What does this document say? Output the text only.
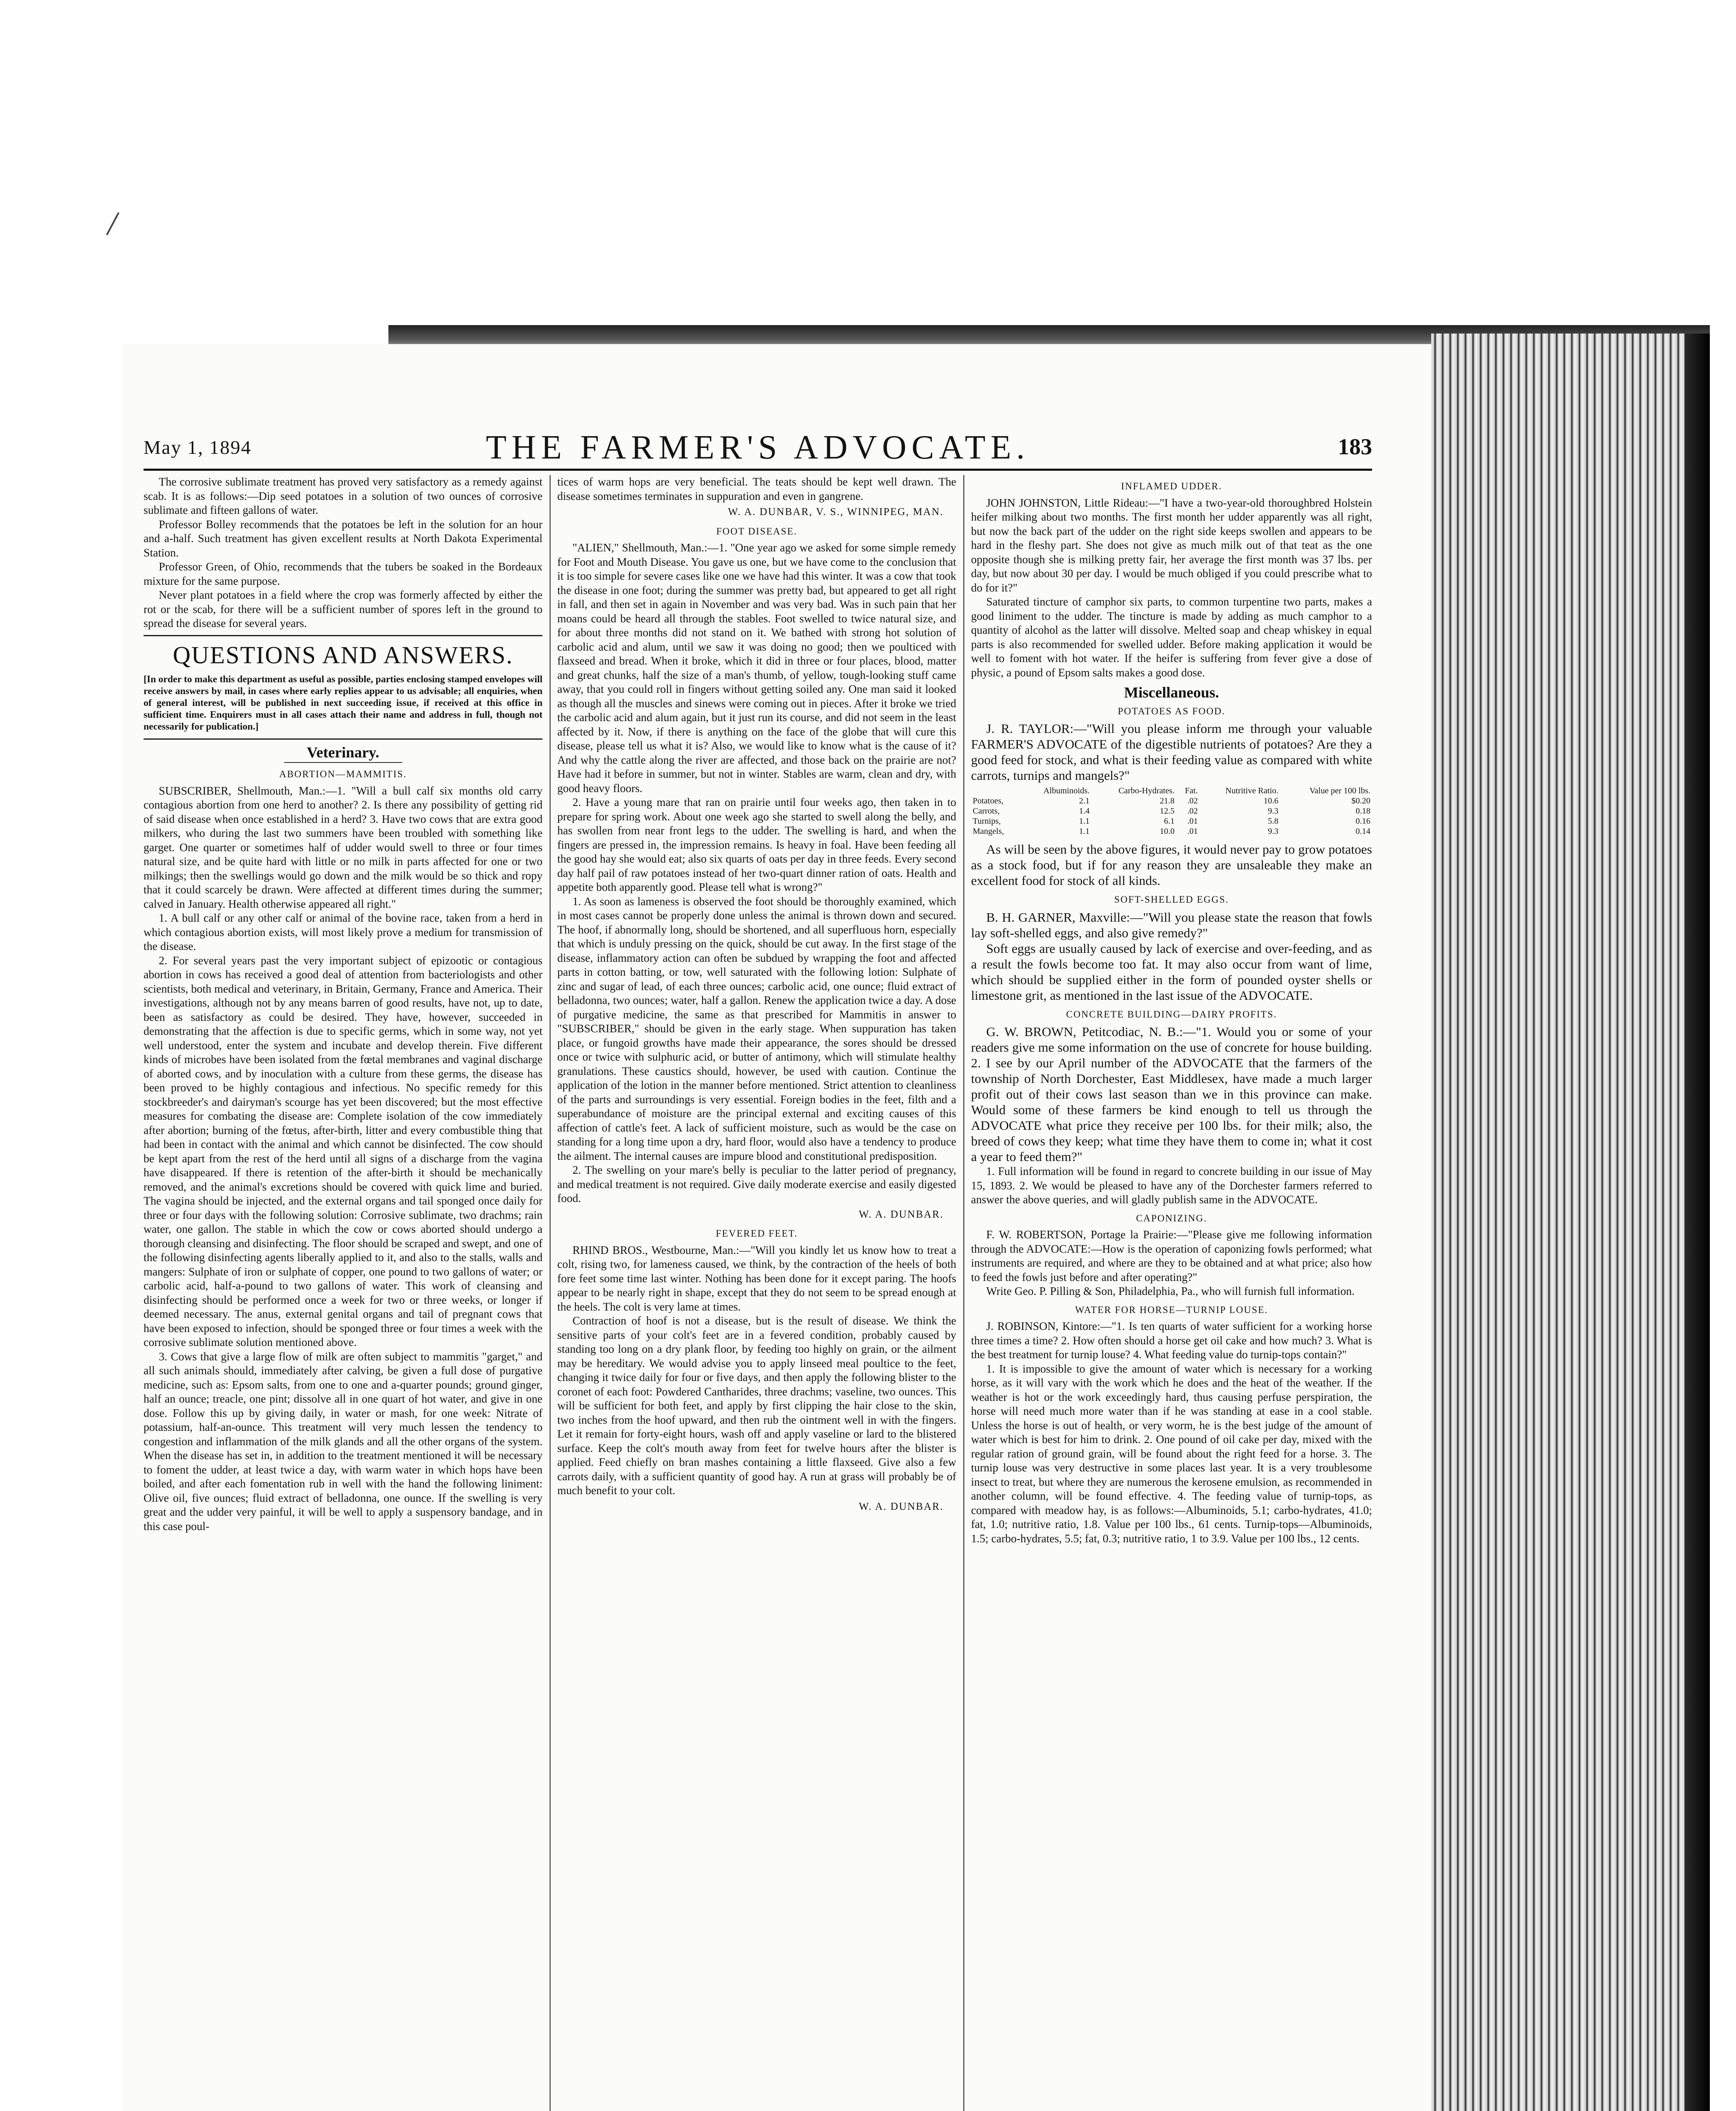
May 1, 1894	THE FARMER'S ADVOCATE.	183

The corrosive sublimate treatment has proved very satisfactory as a remedy against scab. It is as follows:—Dip seed potatoes in a solution of two ounces of corrosive sublimate and fifteen gallons of water.

Professor Bolley recommends that the potatoes be left in the solution for an hour and a-half. Such treatment has given excellent results at North Dakota Experimental Station.

Professor Green, of Ohio, recommends that the tubers be soaked in the Bordeaux mixture for the same purpose.

Never plant potatoes in a field where the crop was formerly affected by either the rot or the scab, for there will be a sufficient number of spores left in the ground to spread the disease for several years.

QUESTIONS AND ANSWERS.
[In order to make this department as useful as possible, parties enclosing stamped envelopes will receive answers by mail, in cases where early replies appear to us advisable; all enquiries, when of general interest, will be published in next succeeding issue, if received at this office in sufficient time. Enquirers must in all cases attach their name and address in full, though not necessarily for publication.]
Veterinary.
ABORTION—MAMMITIS.

SUBSCRIBER, Shellmouth, Man.:—1. "Will a bull calf six months old carry contagious abortion from one herd to another? 2. Is there any possibility of getting rid of said disease when once established in a herd? 3. Have two cows that are extra good milkers, who during the last two summers have been troubled with something like garget. One quarter or sometimes half of udder would swell to three or four times natural size, and be quite hard with little or no milk in parts affected for one or two milkings; then the swellings would go down and the milk would be so thick and ropy that it could scarcely be drawn. Were affected at different times during the summer; calved in January. Health otherwise appeared all right."

1. A bull calf or any other calf or animal of the bovine race, taken from a herd in which contagious abortion exists, will most likely prove a medium for transmission of the disease.

2. For several years past the very important subject of epizootic or contagious abortion in cows has received a good deal of attention from bacteriologists and other scientists, both medical and veterinary, in Britain, Germany, France and America. Their investigations, although not by any means barren of good results, have not, up to date, been as satisfactory as could be desired. They have, however, succeeded in demonstrating that the affection is due to specific germs, which in some way, not yet well understood, enter the system and incubate and develop therein. Five different kinds of microbes have been isolated from the fœtal membranes and vaginal discharge of aborted cows, and by inoculation with a culture from these germs, the disease has been proved to be highly contagious and infectious. No specific remedy for this stockbreeder's and dairyman's scourge has yet been discovered; but the most effective measures for combating the disease are: Complete isolation of the cow immediately after abortion; burning of the fœtus, after-birth, litter and every combustible thing that had been in contact with the animal and which cannot be disinfected. The cow should be kept apart from the rest of the herd until all signs of a discharge from the vagina have disappeared. If there is retention of the after-birth it should be mechanically removed, and the animal's excretions should be covered with quick lime and buried. The vagina should be injected, and the external organs and tail sponged once daily for three or four days with the following solution: Corrosive sublimate, two drachms; rain water, one gallon. The stable in which the cow or cows aborted should undergo a thorough cleansing and disinfecting. The floor should be scraped and swept, and one of the following disinfecting agents liberally applied to it, and also to the stalls, walls and mangers: Sulphate of iron or sulphate of copper, one pound to two gallons of water; or carbolic acid, half-a-pound to two gallons of water. This work of cleansing and disinfecting should be performed once a week for two or three weeks, or longer if deemed necessary. The anus, external genital organs and tail of pregnant cows that have been exposed to infection, should be sponged three or four times a week with the corrosive sublimate solution mentioned above.

3. Cows that give a large flow of milk are often subject to mammitis "garget," and all such animals should, immediately after calving, be given a full dose of purgative medicine, such as: Epsom salts, from one to one and a-quarter pounds; ground ginger, half an ounce; treacle, one pint; dissolve all in one quart of hot water, and give in one dose. Follow this up by giving daily, in water or mash, for one week: Nitrate of potassium, half-an-ounce. This treatment will very much lessen the tendency to congestion and inflammation of the milk glands and all the other organs of the system. When the disease has set in, in addition to the treatment mentioned it will be necessary to foment the udder, at least twice a day, with warm water in which hops have been boiled, and after each fomentation rub in well with the hand the following liniment: Olive oil, five ounces; fluid extract of belladonna, one ounce. If the swelling is very great and the udder very painful, it will be well to apply a suspensory bandage, and in this case poul-

tices of warm hops are very beneficial. The teats should be kept well drawn. The disease sometimes terminates in suppuration and even in gangrene.

W. A. DUNBAR, V. S., WINNIPEG, MAN.
FOOT DISEASE.

"ALIEN," Shellmouth, Man.:—1. "One year ago we asked for some simple remedy for Foot and Mouth Disease. You gave us one, but we have come to the conclusion that it is too simple for severe cases like one we have had this winter. It was a cow that took the disease in one foot; during the summer was pretty bad, but appeared to get all right in fall, and then set in again in November and was very bad. Was in such pain that her moans could be heard all through the stables. Foot swelled to twice natural size, and for about three months did not stand on it. We bathed with strong hot solution of carbolic acid and alum, until we saw it was doing no good; then we poulticed with flaxseed and bread. When it broke, which it did in three or four places, blood, matter and great chunks, half the size of a man's thumb, of yellow, tough-looking stuff came away, that you could roll in fingers without getting soiled any. One man said it looked as though all the muscles and sinews were coming out in pieces. After it broke we tried the carbolic acid and alum again, but it just run its course, and did not seem in the least affected by it. Now, if there is anything on the face of the globe that will cure this disease, please tell us what it is? Also, we would like to know what is the cause of it? And why the cattle along the river are affected, and those back on the prairie are not? Have had it before in summer, but not in winter. Stables are warm, clean and dry, with good heavy floors.

2. Have a young mare that ran on prairie until four weeks ago, then taken in to prepare for spring work. About one week ago she started to swell along the belly, and has swollen from near front legs to the udder. The swelling is hard, and when the fingers are pressed in, the impression remains. Is heavy in foal. Have been feeding all the good hay she would eat; also six quarts of oats per day in three feeds. Every second day half pail of raw potatoes instead of her two-quart dinner ration of oats. Health and appetite both apparently good. Please tell what is wrong?"

1. As soon as lameness is observed the foot should be thoroughly examined, which in most cases cannot be properly done unless the animal is thrown down and secured. The hoof, if abnormally long, should be shortened, and all superfluous horn, especially that which is unduly pressing on the quick, should be cut away. In the first stage of the disease, inflammatory action can often be subdued by wrapping the foot and affected parts in cotton batting, or tow, well saturated with the following lotion: Sulphate of zinc and sugar of lead, of each three ounces; carbolic acid, one ounce; fluid extract of belladonna, two ounces; water, half a gallon. Renew the application twice a day. A dose of purgative medicine, the same as that prescribed for Mammitis in answer to "SUBSCRIBER," should be given in the early stage. When suppuration has taken place, or fungoid growths have made their appearance, the sores should be dressed once or twice with sulphuric acid, or butter of antimony, which will stimulate healthy granulations. These caustics should, however, be used with caution. Continue the application of the lotion in the manner before mentioned. Strict attention to cleanliness of the parts and surroundings is very essential. Foreign bodies in the feet, filth and a superabundance of moisture are the principal external and exciting causes of this affection of cattle's feet. A lack of sufficient moisture, such as would be the case on standing for a long time upon a dry, hard floor, would also have a tendency to produce the ailment. The internal causes are impure blood and constitutional predisposition.

2. The swelling on your mare's belly is peculiar to the latter period of pregnancy, and medical treatment is not required. Give daily moderate exercise and easily digested food.

W. A. DUNBAR.
FEVERED FEET.

RHIND BROS., Westbourne, Man.:—"Will you kindly let us know how to treat a colt, rising two, for lameness caused, we think, by the contraction of the heels of both fore feet some time last winter. Nothing has been done for it except paring. The hoofs appear to be nearly right in shape, except that they do not seem to be spread enough at the heels. The colt is very lame at times.

Contraction of hoof is not a disease, but is the result of disease. We think the sensitive parts of your colt's feet are in a fevered condition, probably caused by standing too long on a dry plank floor, by feeding too highly on grain, or the ailment may be hereditary. We would advise you to apply linseed meal poultice to the feet, changing it twice daily for four or five days, and then apply the following blister to the coronet of each foot: Powdered Cantharides, three drachms; vaseline, two ounces. This will be sufficient for both feet, and apply by first clipping the hair close to the skin, two inches from the hoof upward, and then rub the ointment well in with the fingers. Let it remain for forty-eight hours, wash off and apply vaseline or lard to the blistered surface. Keep the colt's mouth away from feet for twelve hours after the blister is applied. Feed chiefly on bran mashes containing a little flaxseed. Give also a few carrots daily, with a sufficient quantity of good hay. A run at grass will probably be of much benefit to your colt.

W. A. DUNBAR.
INFLAMED UDDER.

JOHN JOHNSTON, Little Rideau:—"I have a two-year-old thoroughbred Holstein heifer milking about two months. The first month her udder apparently was all right, but now the back part of the udder on the right side keeps swollen and appears to be hard in the fleshy part. She does not give as much milk out of that teat as the one opposite though she is milking pretty fair, her average the first month was 37 lbs. per day, but now about 30 per day. I would be much obliged if you could prescribe what to do for it?"

Saturated tincture of camphor six parts, to common turpentine two parts, makes a good liniment to the udder. The tincture is made by adding as much camphor to a quantity of alcohol as the latter will dissolve. Melted soap and cheap whiskey in equal parts is also recommended for swelled udder. Before making application it would be well to foment with hot water. If the heifer is suffering from fever give a dose of physic, a pound of Epsom salts makes a good dose.

Miscellaneous.
POTATOES AS FOOD.

J. R. TAYLOR:—"Will you please inform me through your valuable FARMER'S ADVOCATE of the digestible nutrients of potatoes? Are they a good feed for stock, and what is their feeding value as compared with white carrots, turnips and mangels?"

	Albuminoids.	Carbo-Hydrates.	Fat.	Nutritive Ratio.	Value per 100 lbs.
Potatoes,	2.1	21.8	.02	10.6	$0.20
Carrots,	1.4	12.5	.02	9.3	0.18
Turnips,	1.1	6.1	.01	5.8	0.16
Mangels,	1.1	10.0	.01	9.3	0.14

As will be seen by the above figures, it would never pay to grow potatoes as a stock food, but if for any reason they are unsaleable they make an excellent food for stock of all kinds.

SOFT-SHELLED EGGS.

B. H. GARNER, Maxville:—"Will you please state the reason that fowls lay soft-shelled eggs, and also give remedy?"

Soft eggs are usually caused by lack of exercise and over-feeding, and as a result the fowls become too fat. It may also occur from want of lime, which should be supplied either in the form of pounded oyster shells or limestone grit, as mentioned in the last issue of the ADVOCATE.

CONCRETE BUILDING—DAIRY PROFITS.

G. W. BROWN, Petitcodiac, N. B.:—"1. Would you or some of your readers give me some information on the use of concrete for house building. 2. I see by our April number of the ADVOCATE that the farmers of the township of North Dorchester, East Middlesex, have made a much larger profit out of their cows last season than we in this province can make. Would some of these farmers be kind enough to tell us through the ADVOCATE what price they receive per 100 lbs. for their milk; also, the breed of cows they keep; what time they have them to come in; what it cost a year to feed them?"

1. Full information will be found in regard to concrete building in our issue of May 15, 1893. 2. We would be pleased to have any of the Dorchester farmers referred to answer the above queries, and will gladly publish same in the ADVOCATE.

CAPONIZING.

F. W. ROBERTSON, Portage la Prairie:—"Please give me following information through the ADVOCATE:—How is the operation of caponizing fowls performed; what instruments are required, and where are they to be obtained and at what price; also how to feed the fowls just before and after operating?"

Write Geo. P. Pilling & Son, Philadelphia, Pa., who will furnish full information.

WATER FOR HORSE—TURNIP LOUSE.

J. ROBINSON, Kintore:—"1. Is ten quarts of water sufficient for a working horse three times a time? 2. How often should a horse get oil cake and how much? 3. What is the best treatment for turnip louse? 4. What feeding value do turnip-tops contain?"

1. It is impossible to give the amount of water which is necessary for a working horse, as it will vary with the work which he does and the heat of the weather. If the weather is hot or the work exceedingly hard, thus causing perfuse perspiration, the horse will need much more water than if he was standing at ease in a cool stable. Unless the horse is out of health, or very worm, he is the best judge of the amount of water which is best for him to drink. 2. One pound of oil cake per day, mixed with the regular ration of ground grain, will be found about the right feed for a horse. 3. The turnip louse was very destructive in some places last year. It is a very troublesome insect to treat, but where they are numerous the kerosene emulsion, as recommended in another column, will be found effective. 4. The feeding value of turnip-tops, as compared with meadow hay, is as follows:—Albuminoids, 5.1; carbo-hydrates, 41.0; fat, 1.0; nutritive ratio, 1.8. Value per 100 lbs., 61 cents. Turnip-tops—Albuminoids, 1.5; carbo-hydrates, 5.5; fat, 0.3; nutritive ratio, 1 to 3.9. Value per 100 lbs., 12 cents.
